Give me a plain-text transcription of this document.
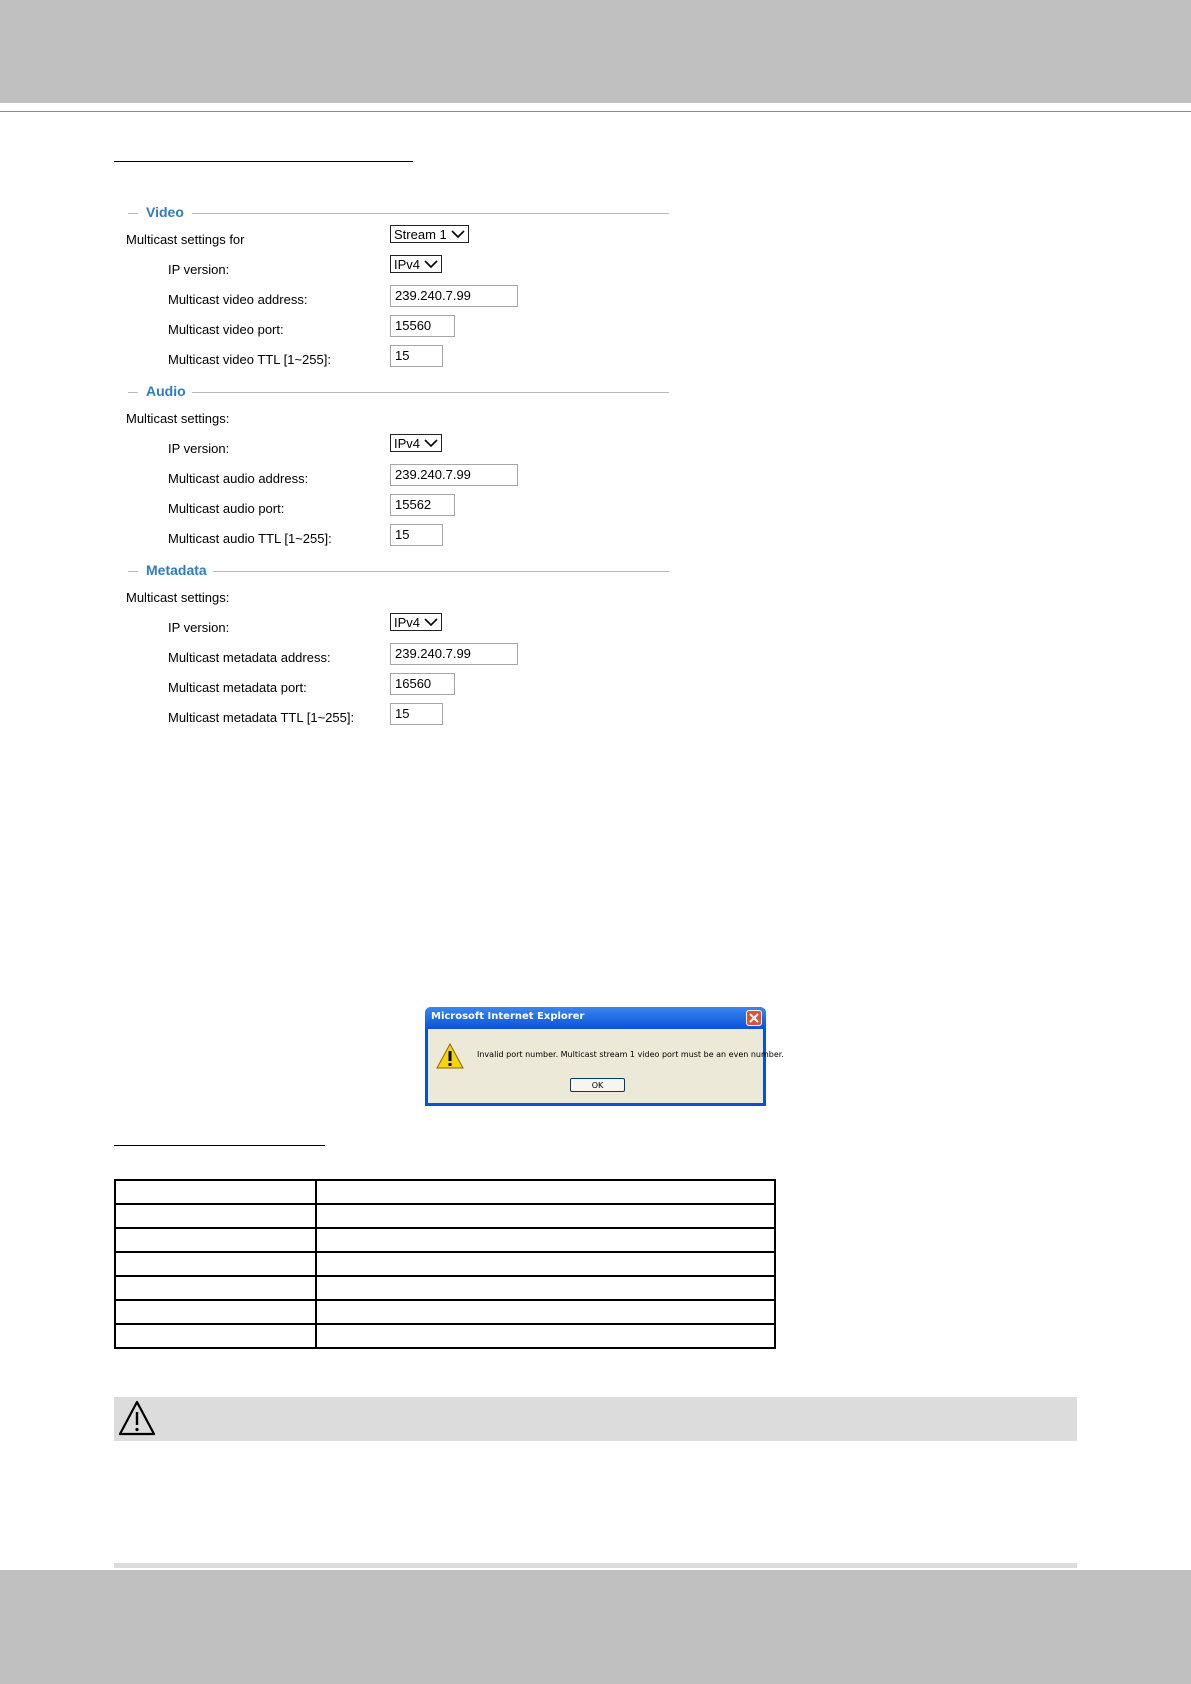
Video
Multicast settings for	Stream 1
IP version:	IPv4
Multicast video address:	239.240.7.99
Multicast video port:	15560
Multicast video TTL [1~255]:	15
Audio
Multicast settings:
IP version:	IPv4
Multicast audio address:	239.240.7.99
Multicast audio port:	15562
Multicast audio TTL [1~255]:	15
Metadata
Multicast settings:
IP version:	IPv4
Multicast metadata address:	239.240.7.99
Multicast metadata port:	16560
Multicast metadata TTL [1~255]:	15
Microsoft Internet Explorer
Invalid port number. Multicast stream 1 video port must be an even number.
OK
